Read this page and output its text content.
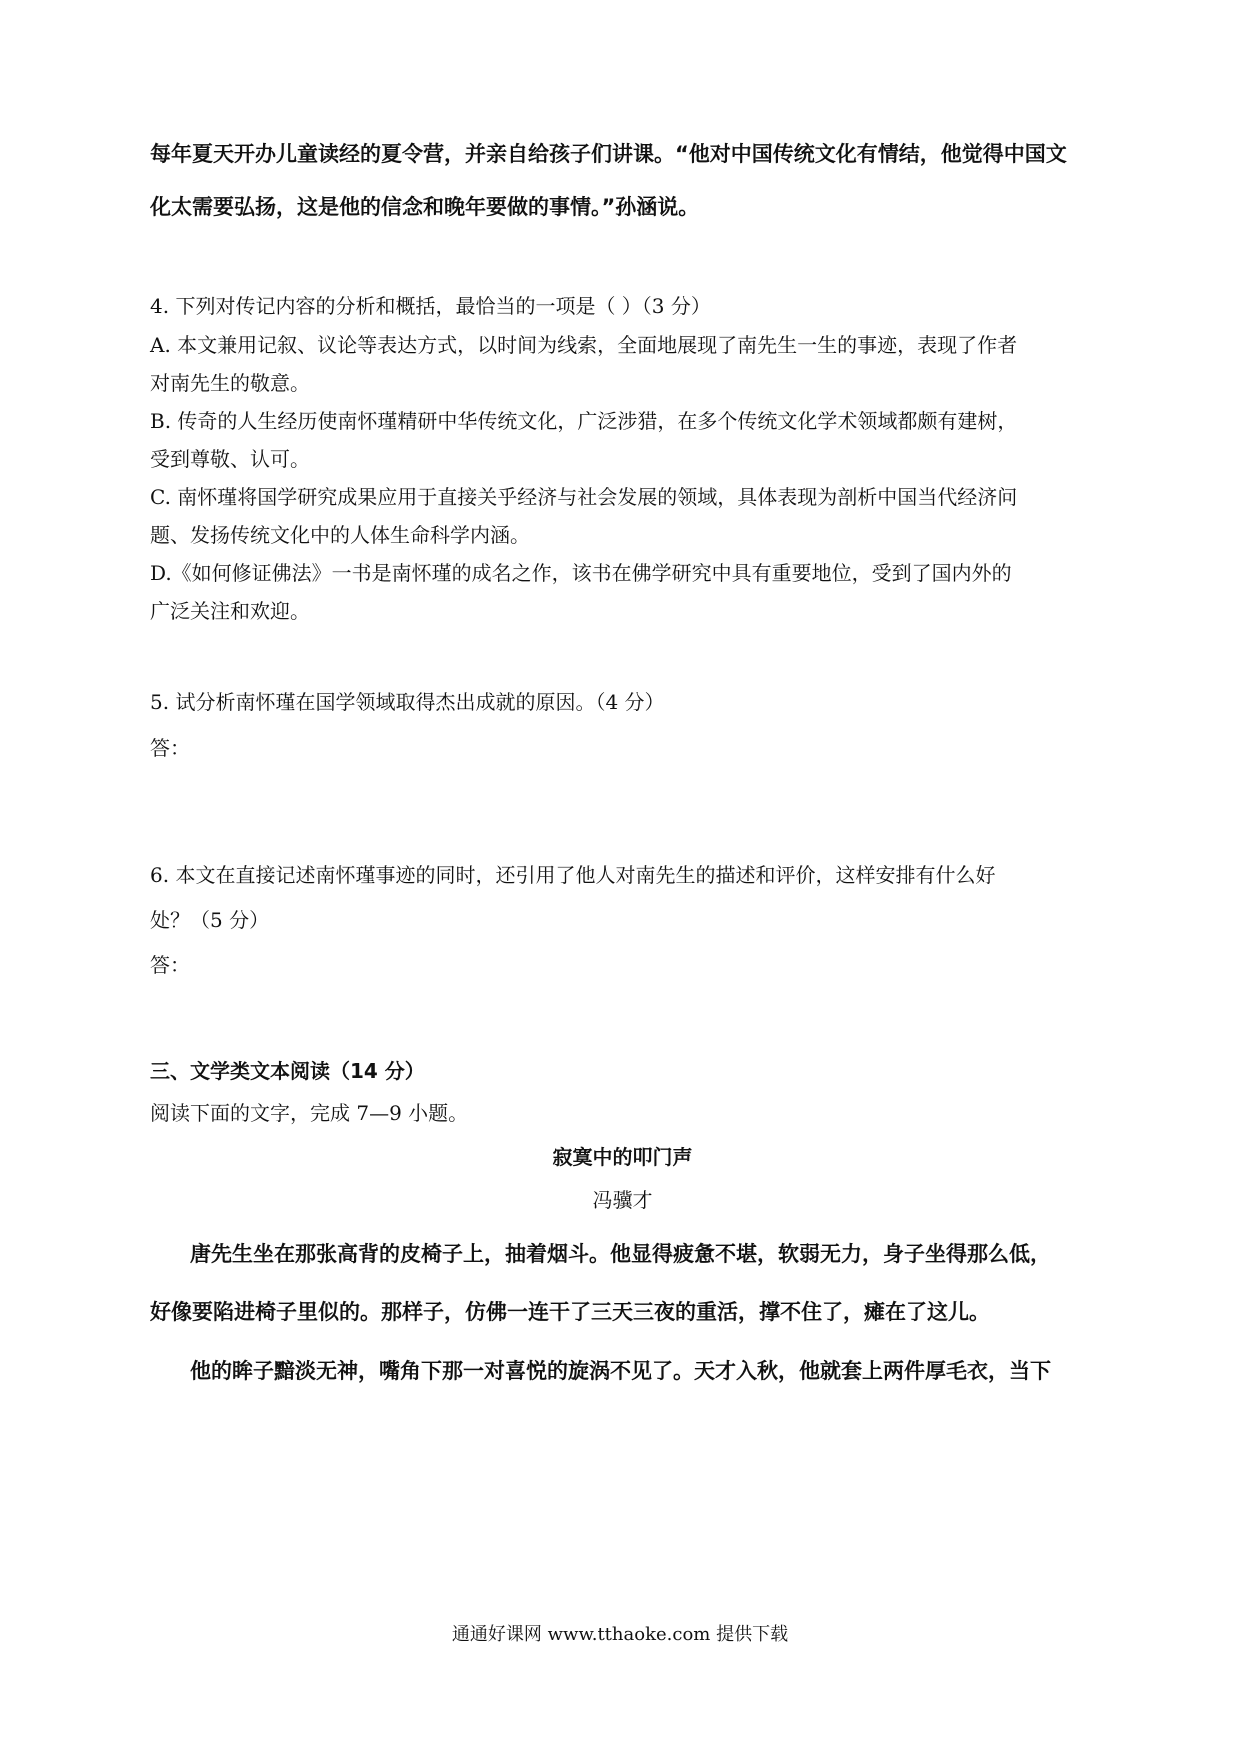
每年夏天开办儿童读经的夏令营，并亲自给孩子们讲课。“他对中国传统文化有情结，他觉得中国文
化太需要弘扬，这是他的信念和晚年要做的事情。”孙涵说。
4. 下列对传记内容的分析和概括，最恰当的一项是（ ）（3 分）
A. 本文兼用记叙、议论等表达方式，以时间为线索，全面地展现了南先生一生的事迹，表现了作者
对南先生的敬意。
B. 传奇的人生经历使南怀瑾精研中华传统文化，广泛涉猎，在多个传统文化学术领域都颇有建树，
受到尊敬、认可。
C. 南怀瑾将国学研究成果应用于直接关乎经济与社会发展的领域，具体表现为剖析中国当代经济问
题、发扬传统文化中的人体生命科学内涵。
D.《如何修证佛法》一书是南怀瑾的成名之作，该书在佛学研究中具有重要地位，受到了国内外的
广泛关注和欢迎。
5. 试分析南怀瑾在国学领域取得杰出成就的原因。（4 分）
答：
6. 本文在直接记述南怀瑾事迹的同时，还引用了他人对南先生的描述和评价，这样安排有什么好
处？（5 分）
答：
三、文学类文本阅读（14 分）
阅读下面的文字，完成 7—9 小题。
寂寞中的叩门声
冯骥才
唐先生坐在那张高背的皮椅子上，抽着烟斗。他显得疲惫不堪，软弱无力，身子坐得那么低，
好像要陷进椅子里似的。那样子，仿佛一连干了三天三夜的重活，撑不住了，瘫在了这儿。
他的眸子黯淡无神，嘴角下那一对喜悦的旋涡不见了。天才入秋，他就套上两件厚毛衣，当下
通通好课网 www.tthaoke.com 提供下载
